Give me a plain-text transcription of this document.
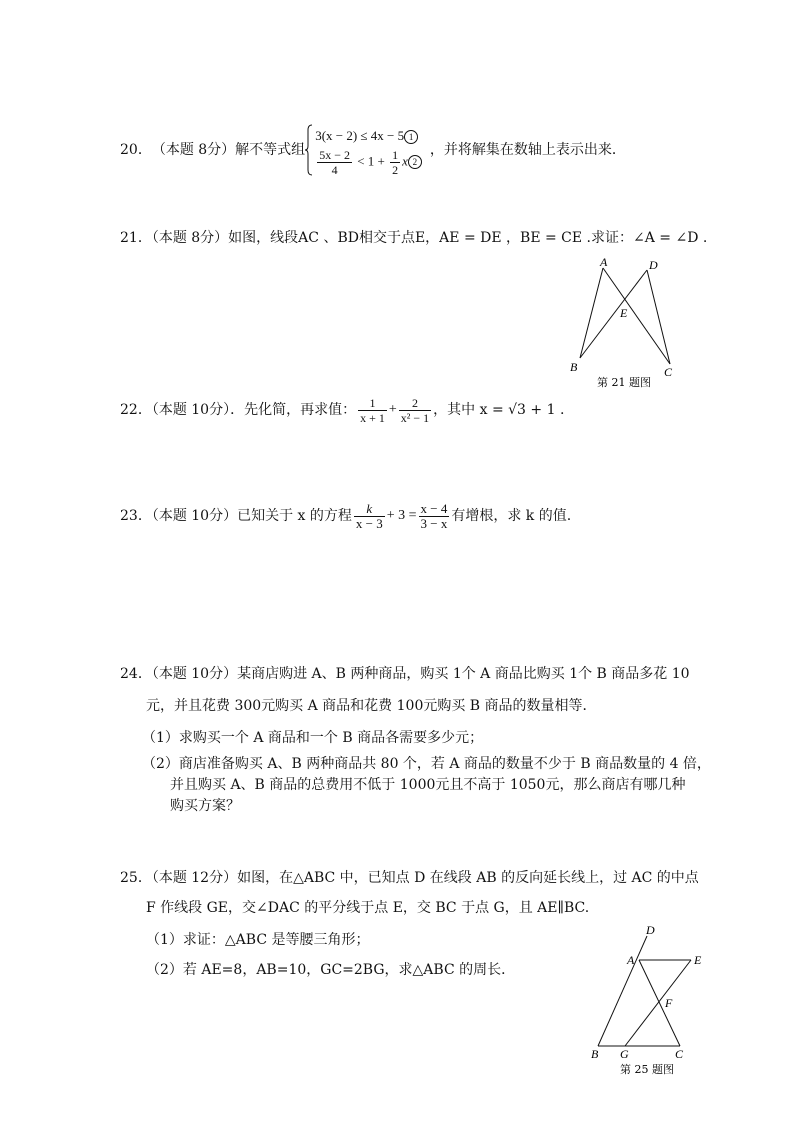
20． （本题 8分）解不等式组
3(x − 2) ≤ 4x − 5 1
$\frac{5x - 2}{4} < 1 + \frac{1}{2}$ x 2
，并将解集在数轴上表示出来．
21．（本题 8分）如图，线段AC 、BD相交于点E，AE = DE ，BE = CE .求证：∠A = ∠D .
A	D
E
B	C
第 21 题图
22．（本题 10分）．先化简，再求值： $\frac{1}{x + 1} + \frac{2}{\text{x² − 1}}$ ，其中 x = √3 + 1 .
23．（本题 10分）已知关于 x 的方程 $\frac{k}{x - 3} + 3 = \frac{x - 4}{3 - x}$ 有增根，求 k 的值.
24．（本题 10分）某商店购进 A、B 两种商品，购买 1个 A 商品比购买 1个 B 商品多花 10
元，并且花费 300元购买 A 商品和花费 100元购买 B 商品的数量相等．
（1）求购买一个 A 商品和一个 B 商品各需要多少元；
（2）商店准备购买 A、B 两种商品共 80 个，若 A 商品的数量不少于 B 商品数量的 4 倍，
并且购买 A、B 商品的总费用不低于 1000元且不高于 1050元，那么商店有哪几种
购买方案？
25．（本题 12分）如图，在△ABC 中，已知点 D 在线段 AB 的反向延长线上，过 AC 的中点
F 作线段 GE，交∠DAC 的平分线于点 E，交 BC 于点 G，且 AE∥BC.
（1）求证：△ABC 是等腰三角形；
（2）若 AE=8，AB=10，GC=2BG，求△ABC 的周长．
D
A	E
F
B G	C
第 25 题图
